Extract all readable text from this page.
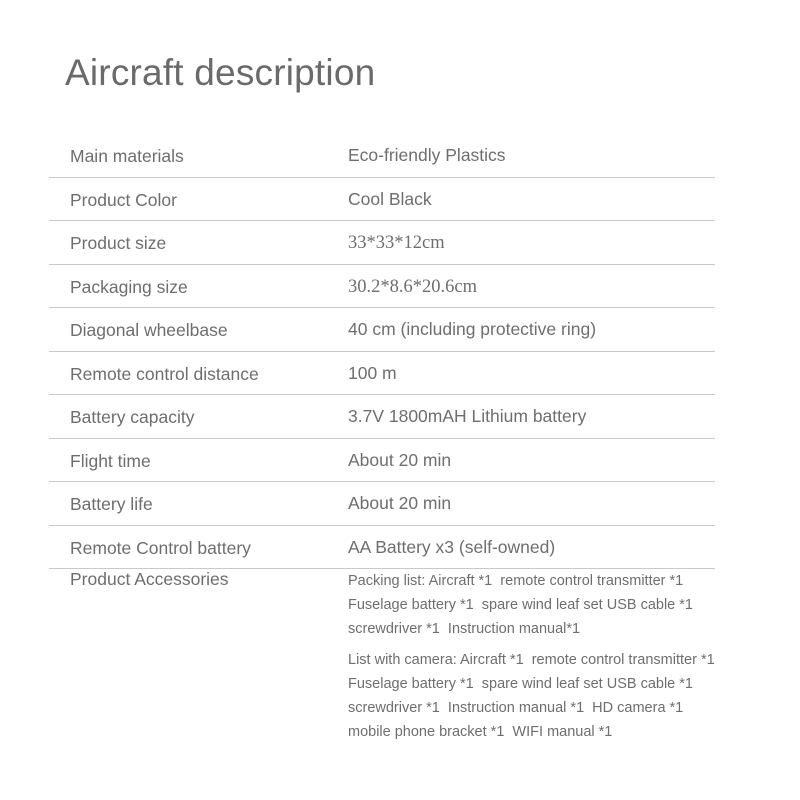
Aircraft description
Main materials	Eco-friendly Plastics
Product Color	Cool Black
Product size	33*33*12cm
Packaging size	30.2*8.6*20.6cm
Diagonal wheelbase	40 cm (including protective ring)
Remote control distance	100 m
Battery capacity	3.7V 1800mAH Lithium battery
Flight time	About 20 min
Battery life	About 20 min
Remote Control battery	AA Battery x3 (self-owned)
Product Accessories	Packing list: Aircraft *1  remote control transmitter *1
Fuselage battery *1  spare wind leaf set USB cable *1
screwdriver *1  Instruction manual*1
List with camera: Aircraft *1  remote control transmitter *1
Fuselage battery *1  spare wind leaf set USB cable *1
screwdriver *1  Instruction manual *1  HD camera *1
mobile phone bracket *1  WIFI manual *1
